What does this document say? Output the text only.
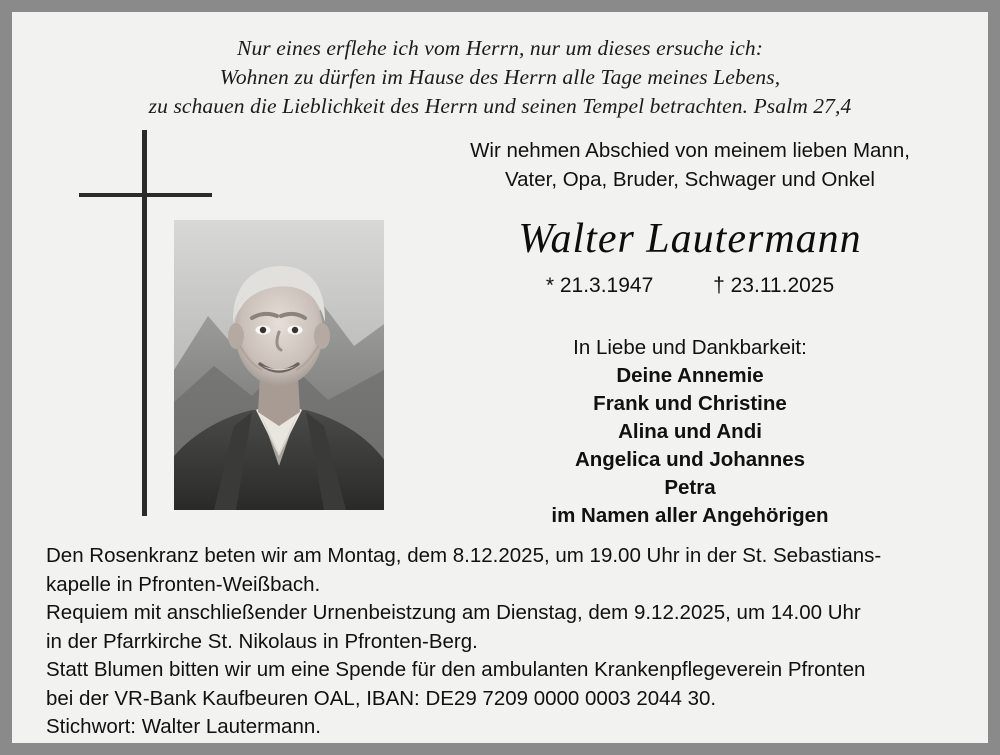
Nur eines erflehe ich vom Herrn, nur um dieses ersuche ich:
Wohnen zu dürfen im Hause des Herrn alle Tage meines Lebens,
zu schauen die Lieblichkeit des Herrn und seinen Tempel betrachten. Psalm 27,4
Wir nehmen Abschied von meinem lieben Mann,
Vater, Opa, Bruder, Schwager und Onkel
Walter Lautermann
* 21.3.1947	† 23.11.2025
In Liebe und Dankbarkeit:
Deine Annemie
Frank und Christine
Alina und Andi
Angelica und Johannes
Petra
im Namen aller Angehörigen
Den Rosenkranz beten wir am Montag, dem 8.12.2025, um 19.00 Uhr in der St. Sebastians-
kapelle in Pfronten-Weißbach.
Requiem mit anschließender Urnenbeistzung am Dienstag, dem 9.12.2025, um 14.00 Uhr
in der Pfarrkirche St. Nikolaus in Pfronten-Berg.
Statt Blumen bitten wir um eine Spende für den ambulanten Krankenpflegeverein Pfronten
bei der VR-Bank Kaufbeuren OAL, IBAN: DE29 7209 0000 0003 2044 30.
Stichwort: Walter Lautermann.
